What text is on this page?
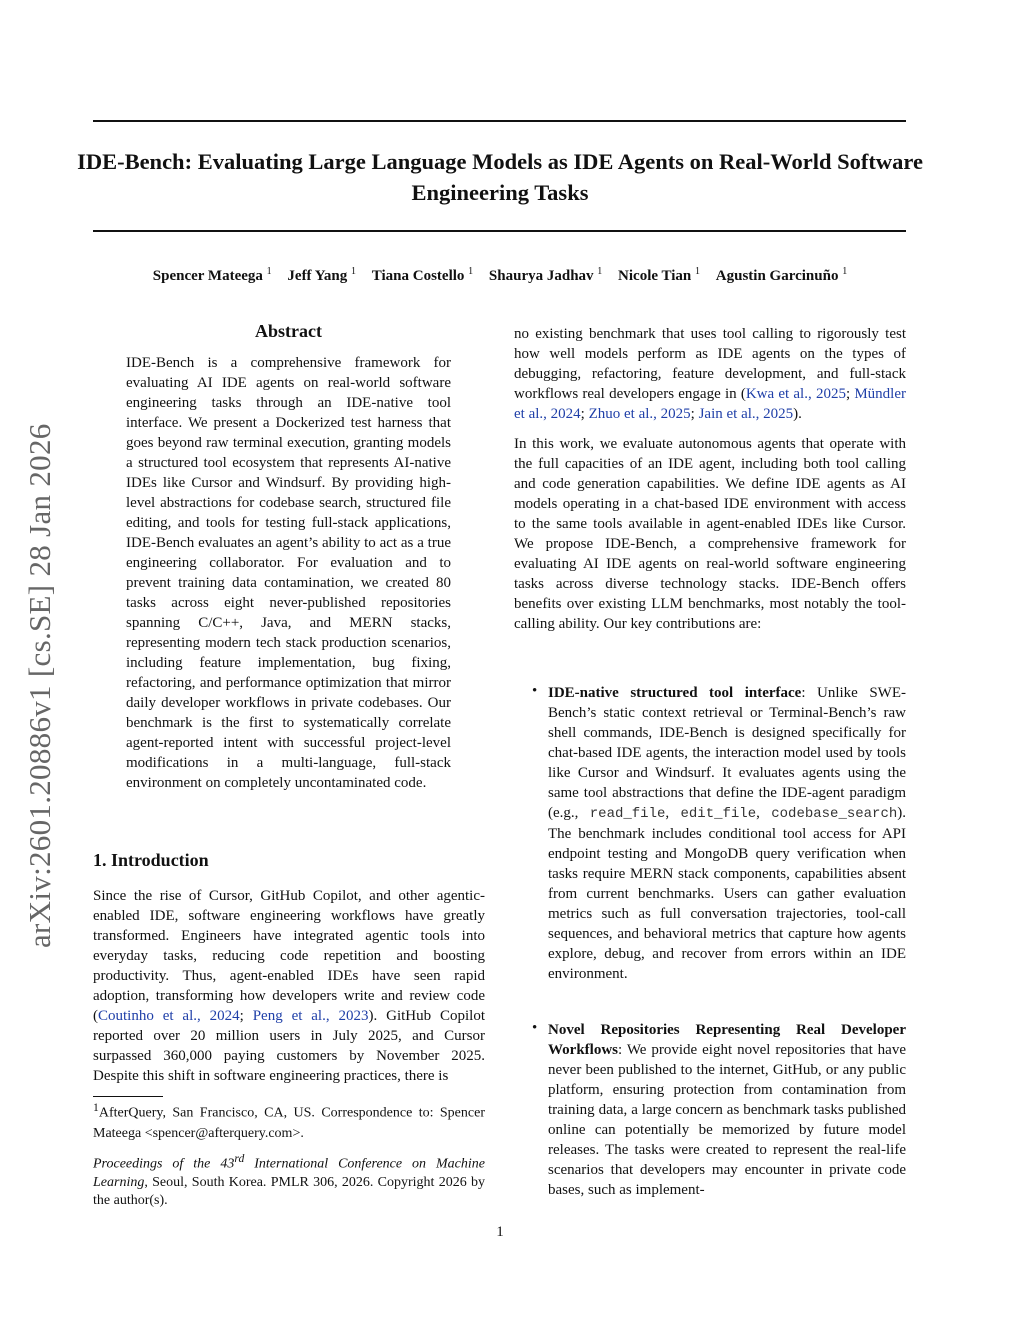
IDE-Bench: Evaluating Large Language Models as IDE Agents on Real-World Software Engineering Tasks
Spencer Mateega $^1$ Jeff Yang $^1$ Tiana Costello $^1$ Shaurya Jadhav $^1$ Nicole Tian $^1$ Agustin Garcinuño $^1$
arXiv:2601.20886v1 [cs.SE] 28 Jan 2026
Abstract
IDE-Bench is a comprehensive framework for evaluating AI IDE agents on real-world software engineering tasks through an IDE-native tool interface. We present a Dockerized test harness that goes beyond raw terminal execution, granting models a structured tool ecosystem that represents AI-native IDEs like Cursor and Windsurf. By providing high-level abstractions for codebase search, structured file editing, and tools for testing full-stack applications, IDE-Bench evaluates an agent’s ability to act as a true engineering collaborator. For evaluation and to prevent training data contamination, we created 80 tasks across eight never-published repositories spanning C/C++, Java, and MERN stacks, representing modern tech stack production scenarios, including feature implementation, bug fixing, refactoring, and performance optimization that mirror daily developer workflows in private codebases. Our benchmark is the first to systematically correlate agent-reported intent with successful project-level modifications in a multi-language, full-stack environment on completely uncontaminated code.
1. Introduction
Since the rise of Cursor, GitHub Copilot, and other agentic-enabled IDE, software engineering workflows have greatly transformed. Engineers have integrated agentic tools into everyday tasks, reducing code repetition and boosting productivity. Thus, agent-enabled IDEs have seen rapid adoption, transforming how developers write and review code (Coutinho et al., 2024; Peng et al., 2023). GitHub Copilot reported over 20 million users in July 2025, and Cursor surpassed 360,000 paying customers by November 2025. Despite this shift in software engineering practices, there is
$^1$AfterQuery, San Francisco, CA, US. Correspondence to: Spencer Mateega <spencer@afterquery.com>.
Proceedings of the 43rd International Conference on Machine Learning, Seoul, South Korea. PMLR 306, 2026. Copyright 2026 by the author(s).
no existing benchmark that uses tool calling to rigorously test how well models perform as IDE agents on the types of debugging, refactoring, feature development, and full-stack workflows real developers engage in (Kwa et al., 2025; Mündler et al., 2024; Zhuo et al., 2025; Jain et al., 2025).
In this work, we evaluate autonomous agents that operate with the full capacities of an IDE agent, including both tool calling and code generation capabilities. We define IDE agents as AI models operating in a chat-based IDE environment with access to the same tools available in agent-enabled IDEs like Cursor. We propose IDE-Bench, a comprehensive framework for evaluating AI IDE agents on real-world software engineering tasks across diverse technology stacks. IDE-Bench offers benefits over existing LLM benchmarks, most notably the tool-calling ability. Our key contributions are:
• IDE-native structured tool interface: Unlike SWE-Bench’s static context retrieval or Terminal-Bench’s raw shell commands, IDE-Bench is designed specifically for chat-based IDE agents, the interaction model used by tools like Cursor and Windsurf. It evaluates agents using the same tool abstractions that define the IDE-agent paradigm (e.g., read_file, edit_file, codebase_search). The benchmark includes conditional tool access for API endpoint testing and MongoDB query verification when tasks require MERN stack components, capabilities absent from current benchmarks. Users can gather evaluation metrics such as full conversation trajectories, tool-call sequences, and behavioral metrics that capture how agents explore, debug, and recover from errors within an IDE environment.
• Novel Repositories Representing Real Developer Workflows: We provide eight novel repositories that have never been published to the internet, GitHub, or any public platform, ensuring protection from contamination from training data, a large concern as benchmark tasks published online can potentially be memorized by future model releases. The tasks were created to represent the real-life scenarios that developers may encounter in private code bases, such as implement-
1
